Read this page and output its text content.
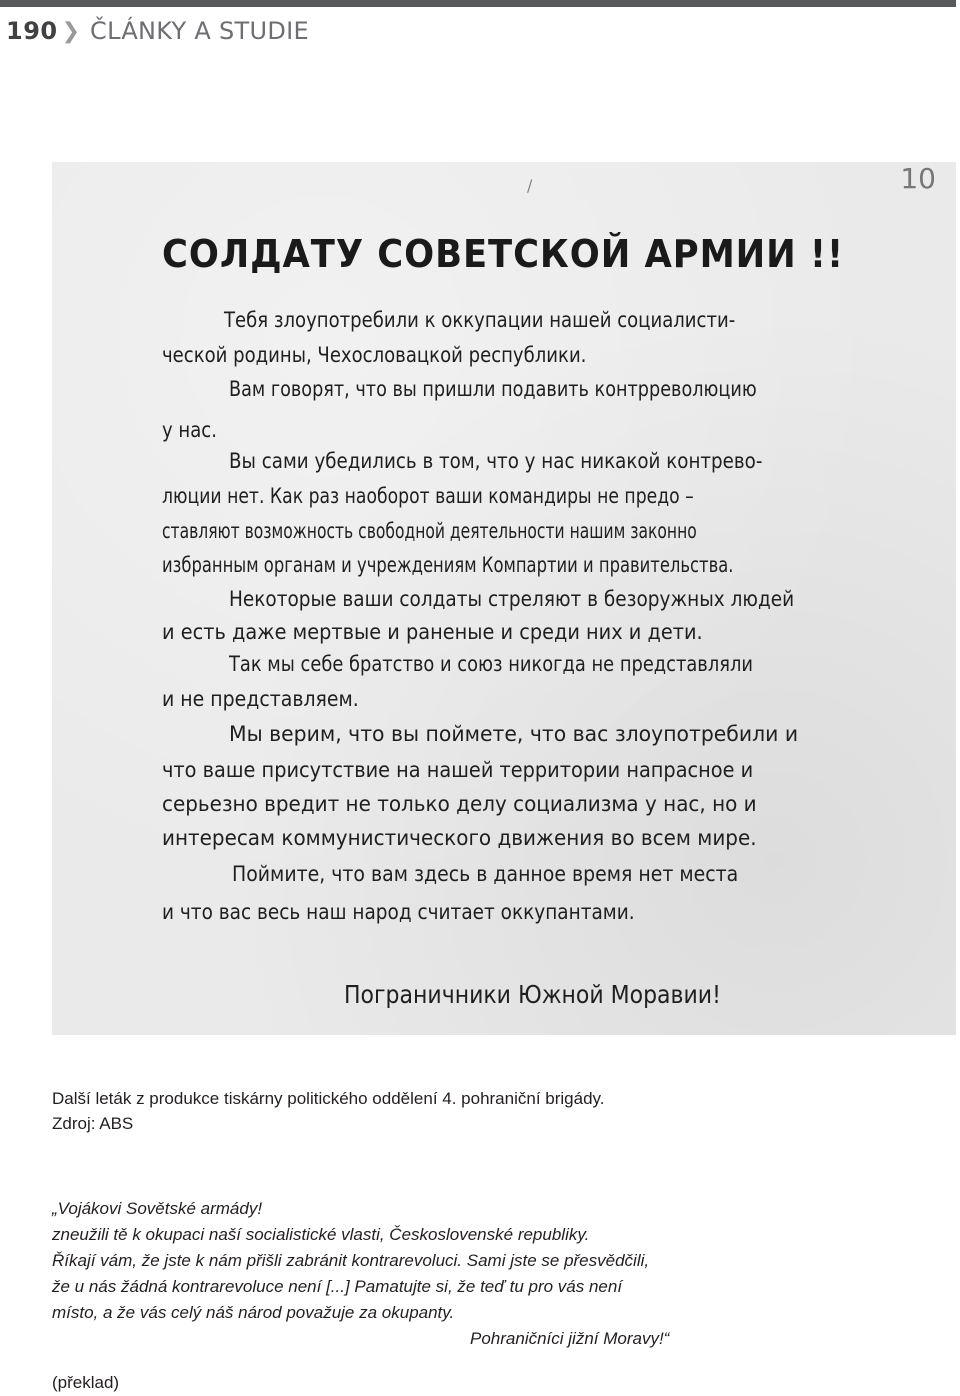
190 ❯ ČLÁNKY A STUDIE
10
/
СОЛДАТУ СОВЕТСКОЙ АРМИИ !!
Тебя злоупотребили к оккупации нашей социалисти-
ческой родины, Чехословацкой республики.
Вам говорят, что вы пришли подавить контрреволюцию
у нас.
Вы сами убедились в том, что у нас никакой контрево-
люции нет. Как раз наоборот ваши командиры не предо –
ставляют возможность свободной деятельности нашим законно
избранным органам и учреждениям Компартии и правительства.
Некоторые ваши солдаты стреляют в безоружных людей
и есть даже мертвые и раненые и среди них и дети.
Так мы себе братство и союз никогда не представляли
и не представляем.
Мы верим, что вы поймете, что вас злоупотребили и
что ваше присутствие на нашей территории напрасное и
серьезно вредит не только делу социализма у нас, но и
интересам коммунистического движения во всем мире.
Поймите, что вам здесь в данное время нет места
и что вас весь наш народ считает оккупантами.
Пограничники Южной Моравии!
Další leták z produkce tiskárny politického oddělení 4. pohraniční brigády.
Zdroj: ABS
„Vojákovi Sovětské armády!
zneužili tě k okupaci naší socialistické vlasti, Československé republiky.
Říkají vám, že jste k nám přišli zabránit kontrarevoluci. Sami jste se přesvědčili,
že u nás žádná kontrarevoluce není [...] Pamatujte si, že teď tu pro vás není
místo, a že vás celý náš národ považuje za okupanty.
Pohraničníci jižní Moravy!“
(překlad)
